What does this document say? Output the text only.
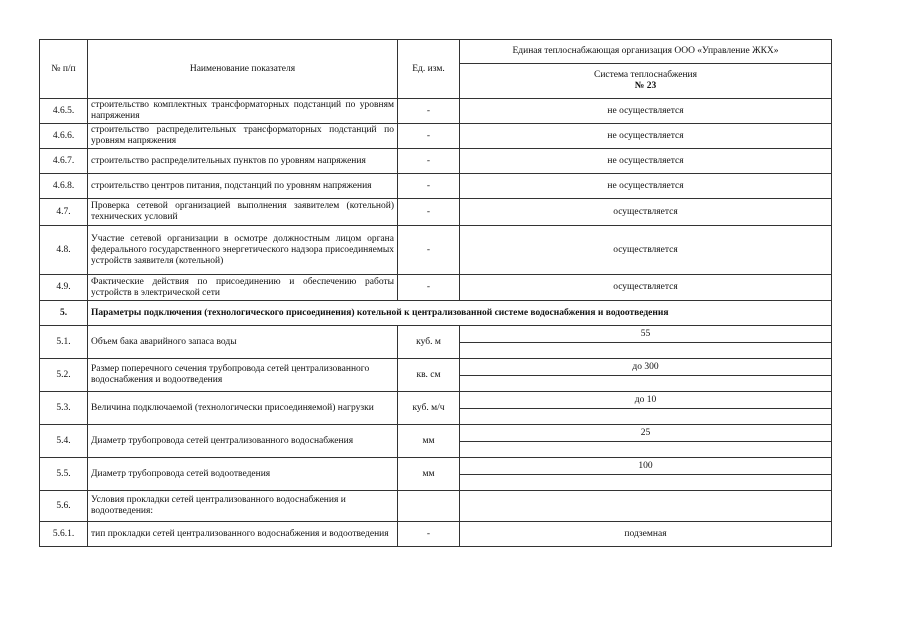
№ п/п	Наименование показателя	Ед. изм.	Единая теплоснабжающая организация ООО «Управление ЖКХ»

			Система теплоснабжения
№ 23

4.6.5.	строительство комплектных трансформаторных подстанций по уровням напряжения	-	не осуществляется
4.6.6.	строительство распределительных трансформаторных подстанций по уровням напряжения	-	не осуществляется
4.6.7.	строительство распределительных пунктов по уровням напряжения	-	не осуществляется
4.6.8.	строительство центров питания, подстанций по уровням напряжения	-	не осуществляется
4.7.	Проверка сетевой организацией выполнения заявителем (котельной) технических условий	-	осуществляется
4.8.	Участие сетевой организации в осмотре должностным лицом органа федерального государственного энергетического надзора присоединяемых устройств заявителя (котельной)	-	осуществляется
4.9.	Фактические действия по присоединению и обеспечению работы устройств в электрической сети	-	осуществляется
5.	Параметры подключения (технологического присоединения) котельной к централизованной системе водоснабжения и водоотведения		
5.1.	Объем бака аварийного запаса воды	куб. м	55

5.2.	Размер поперечного сечения трубопровода сетей централизованного водоснабжения и водоотведения	кв. см	до 300

5.3.	Величина подключаемой (технологически присоединяемой) нагрузки	куб. м/ч	до 10

5.4.	Диаметр трубопровода сетей централизованного водоснабжения	мм	25

5.5.	Диаметр трубопровода сетей водоотведения	мм	100

5.6.	Условия прокладки сетей централизованного водоснабжения и водоотведения:		
5.6.1.	тип прокладки сетей централизованного водоснабжения и водоотведения	-	подземная
